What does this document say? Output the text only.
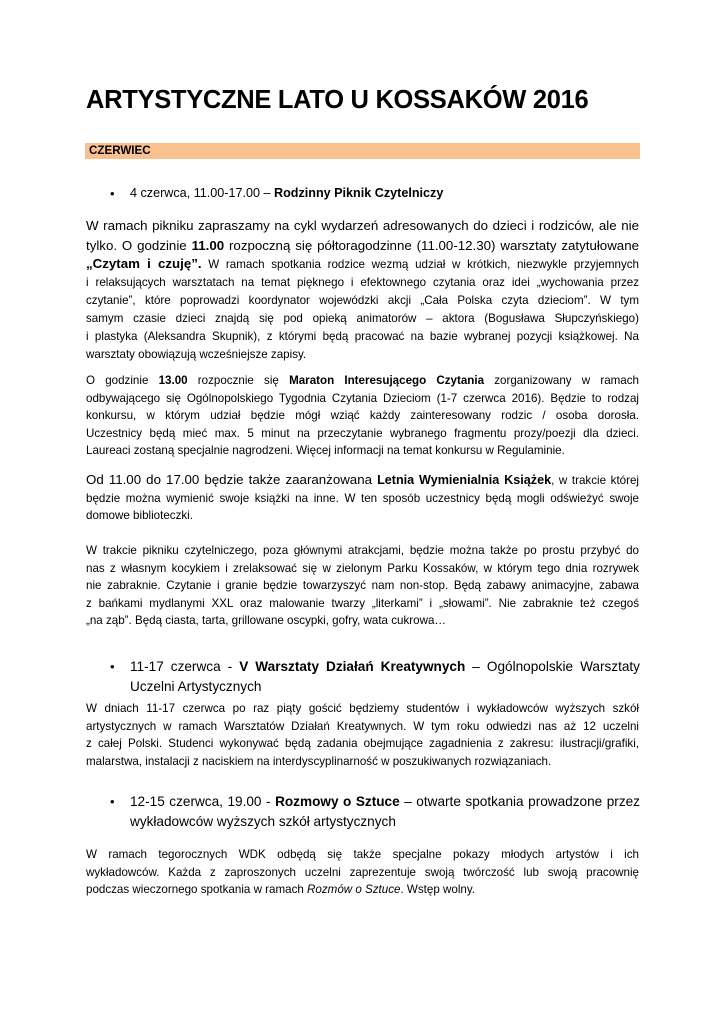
ARTYSTYCZNE LATO U KOSSAKÓW 2016
CZERWIEC
• 4 czerwca, 11.00-17.00 – Rodzinny Piknik Czytelniczy
W ramach pikniku zapraszamy na cykl wydarzeń adresowanych do dzieci i rodziców, ale nie
tylko. O godzinie 11.00 rozpoczną się półtoragodzinne (11.00-12.30) warsztaty zatytułowane
„Czytam i czuję”. W ramach spotkania rodzice wezmą udział w krótkich, niezwykle przyjemnych
i relaksujących warsztatach na temat pięknego i efektownego czytania oraz idei „wychowania przez
czytanie”, które poprowadzi koordynator wojewódzki akcji „Cała Polska czyta dzieciom”. W tym
samym czasie dzieci znajdą się pod opieką animatorów – aktora (Bogusława Słupczyńskiego)
i plastyka (Aleksandra Skupnik), z którymi będą pracować na bazie wybranej pozycji książkowej. Na
warsztaty obowiązują wcześniejsze zapisy.
O godzinie 13.00 rozpocznie się Maraton Interesującego Czytania zorganizowany w ramach
odbywającego się Ogólnopolskiego Tygodnia Czytania Dzieciom (1-7 czerwca 2016). Będzie to rodzaj
konkursu, w którym udział będzie mógł wziąć każdy zainteresowany rodzic / osoba dorosła.
Uczestnicy będą mieć max. 5 minut na przeczytanie wybranego fragmentu prozy/poezji dla dzieci.
Laureaci zostaną specjalnie nagrodzeni. Więcej informacji na temat konkursu w Regulaminie.
Od 11.00 do 17.00 będzie także zaaranżowana Letnia Wymienialnia Książek, w trakcie której
będzie można wymienić swoje książki na inne. W ten sposób uczestnicy będą mogli odświeżyć swoje
domowe biblioteczki.
W trakcie pikniku czytelniczego, poza głównymi atrakcjami, będzie można także po prostu przybyć do
nas z własnym kocykiem i zrelaksować się w zielonym Parku Kossaków, w którym tego dnia rozrywek
nie zabraknie. Czytanie i granie będzie towarzyszyć nam non-stop. Będą zabawy animacyjne, zabawa
z bańkami mydlanymi XXL oraz malowanie twarzy „literkami” i „słowami”. Nie zabraknie też czegoś
„na ząb”. Będą ciasta, tarta, grillowane oscypki, gofry, wata cukrowa…
• 11-17 czerwca - V Warsztaty Działań Kreatywnych – Ogólnopolskie Warsztaty
Uczelni Artystycznych
W dniach 11-17 czerwca po raz piąty gościć będziemy studentów i wykładowców wyższych szkół
artystycznych w ramach Warsztatów Działań Kreatywnych. W tym roku odwiedzi nas aż 12 uczelni
z całej Polski. Studenci wykonywać będą zadania obejmujące zagadnienia z zakresu: ilustracji/grafiki,
malarstwa, instalacji z naciskiem na interdyscyplinarność w poszukiwanych rozwiązaniach.
• 12-15 czerwca, 19.00 - Rozmowy o Sztuce – otwarte spotkania prowadzone przez
wykładowców wyższych szkół artystycznych
W ramach tegorocznych WDK odbędą się także specjalne pokazy młodych artystów i ich
wykładowców. Każda z zaproszonych uczelni zaprezentuje swoją twórczość lub swoją pracownię
podczas wieczornego spotkania w ramach Rozmów o Sztuce. Wstęp wolny.
